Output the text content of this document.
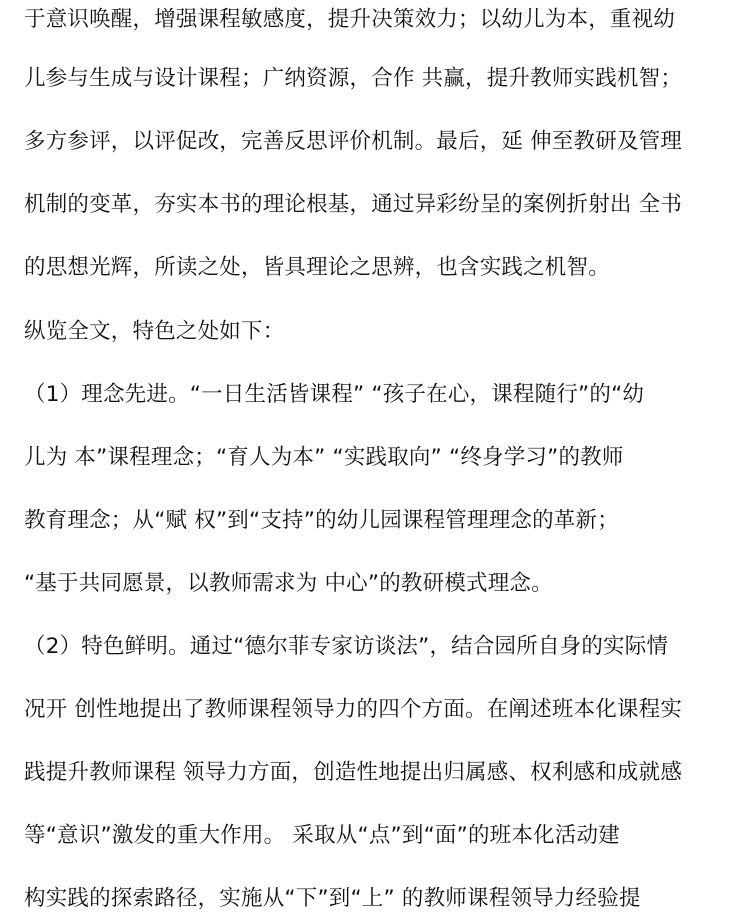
于意识唤醒，增强课程敏感度，提升决策效力；以幼儿为本，重视幼
儿参与生成与设计课程；广纳资源，合作 共赢，提升教师实践机智；
多方参评，以评促改，完善反思评价机制。最后，延 伸至教研及管理
机制的变革，夯实本书的理论根基，通过异彩纷呈的案例折射出 全书
的思想光辉，所读之处，皆具理论之思辨，也含实践之机智。
纵览全文，特色之处如下：
（1）理念先进。“一日生活皆课程” “孩子在心，课程随行”的“幼
儿为 本”课程理念；“育人为本” “实践取向” “终身学习”的教师
教育理念；从“赋 权”到“支持”的幼儿园课程管理理念的革新；
“基于共同愿景，以教师需求为 中心”的教研模式理念。
（2）特色鲜明。通过“德尔菲专家访谈法”，结合园所自身的实际情
况开 创性地提出了教师课程领导力的四个方面。在阐述班本化课程实
践提升教师课程 领导力方面，创造性地提出归属感、权利感和成就感
等“意识”激发的重大作用。 采取从“点”到“面”的班本化活动建
构实践的探索路径，实施从“下”到“上” 的教师课程领导力经验提
